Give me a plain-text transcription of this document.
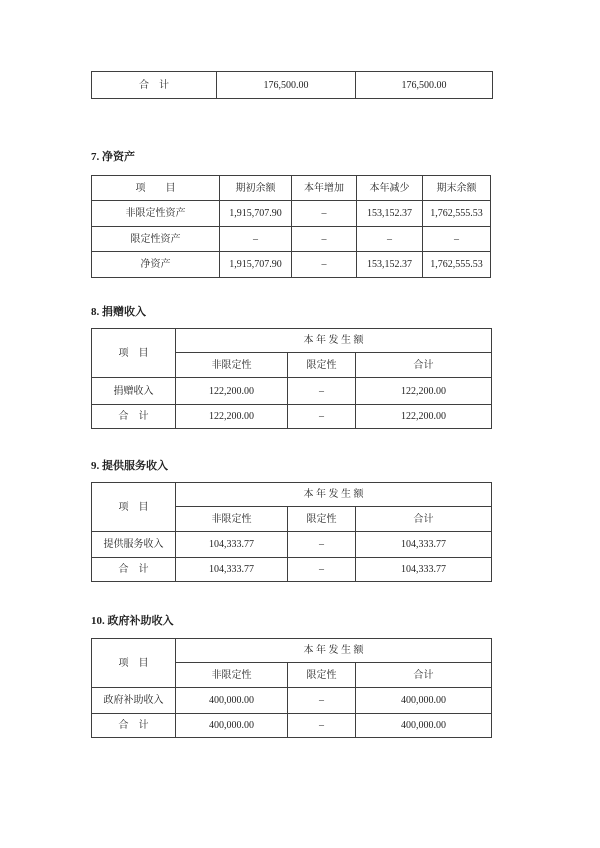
合　计	176,500.00	176,500.00
7. 净资产
项　　目	期初余额	本年增加	本年减少	期末余额
非限定性资产	1,915,707.90	–	153,152.37	1,762,555.53
限定性资产	–	–	–	–
净资产	1,915,707.90	–	153,152.37	1,762,555.53
8. 捐赠收入
项　目	本 年 发 生 额		
	非限定性	限定性	合计
捐赠收入	122,200.00	–	122,200.00
合　计	122,200.00	–	122,200.00
9. 提供服务收入
项　目	本 年 发 生 额		
	非限定性	限定性	合计
提供服务收入	104,333.77	–	104,333.77
合　计	104,333.77	–	104,333.77
10. 政府补助收入
项　目	本 年 发 生 额		
	非限定性	限定性	合计
政府补助收入	400,000.00	–	400,000.00
合　计	400,000.00	–	400,000.00
